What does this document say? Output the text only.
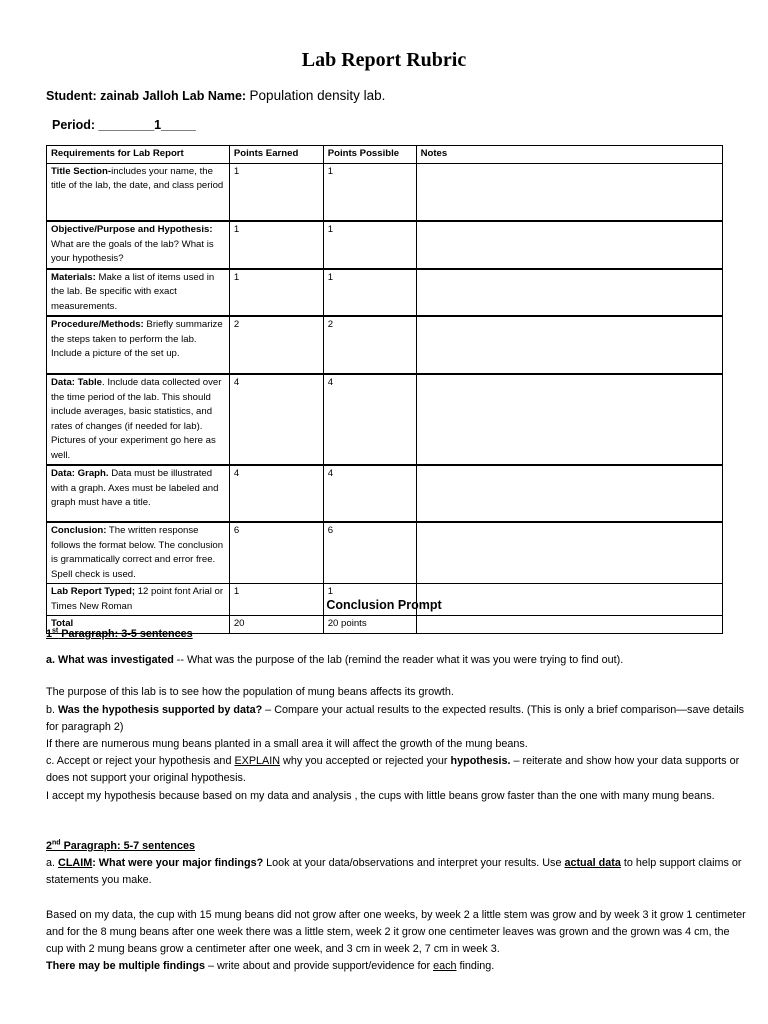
Lab Report Rubric
Student: zainab Jalloh Lab Name: Population density lab.
Period: ________1_____
Requirements for Lab Report	Points Earned	Points Possible	Notes
Title Section-includes your name, the title of the lab, the date, and class period	1	1	
Objective/Purpose and Hypothesis: What are the goals of the lab? What is your hypothesis?	1	1	
Materials: Make a list of items used in the lab. Be specific with exact measurements.	1	1	
Procedure/Methods: Briefly summarize the steps taken to perform the lab. Include a picture of the set up.	2	2	
Data: Table. Include data collected over the time period of the lab. This should include averages, basic statistics, and rates of changes (if needed for lab). Pictures of your experiment go here as well.	4	4	
Data: Graph. Data must be illustrated with a graph. Axes must be labeled and graph must have a title.	4	4	
Conclusion: The written response follows the format below. The conclusion is grammatically correct and error free. Spell check is used.	6	6	
Lab Report Typed; 12 point font Arial or Times New Roman	1	1	
Total	20	20 points	
Conclusion Prompt

1st Paragraph: 3-5 sentences

a. What was investigated -- What was the purpose of the lab (remind the reader what it was you were trying to find out).

The purpose of this lab is to see how the population of mung beans affects its growth.

b. Was the hypothesis supported by data? – Compare your actual results to the expected results. (This is only a brief comparison—save details for paragraph 2)

If there are numerous mung beans planted in a small area it will affect the growth of the mung beans.

c. Accept or reject your hypothesis and EXPLAIN why you accepted or rejected your hypothesis. – reiterate and show how your data supports or does not support your original hypothesis.

I accept my hypothesis because based on my data and analysis , the cups with little beans grow faster than the one with many mung beans.

2nd Paragraph: 5-7 sentences

a. CLAIM: What were your major findings? Look at your data/observations and interpret your results. Use actual data to help support claims or statements you make.

Based on my data, the cup with 15 mung beans did not grow after one weeks, by week 2 a little stem was grow and by week 3 it grow 1 centimeter and for the 8 mung beans after one week there was a little stem, week 2 it grow one centimeter leaves was grown and the grown was 4 cm, the cup with 2 mung beans grow a centimeter after one week, and 3 cm in week 2, 7 cm in week 3.

There may be multiple findings – write about and provide support/evidence for each finding.
